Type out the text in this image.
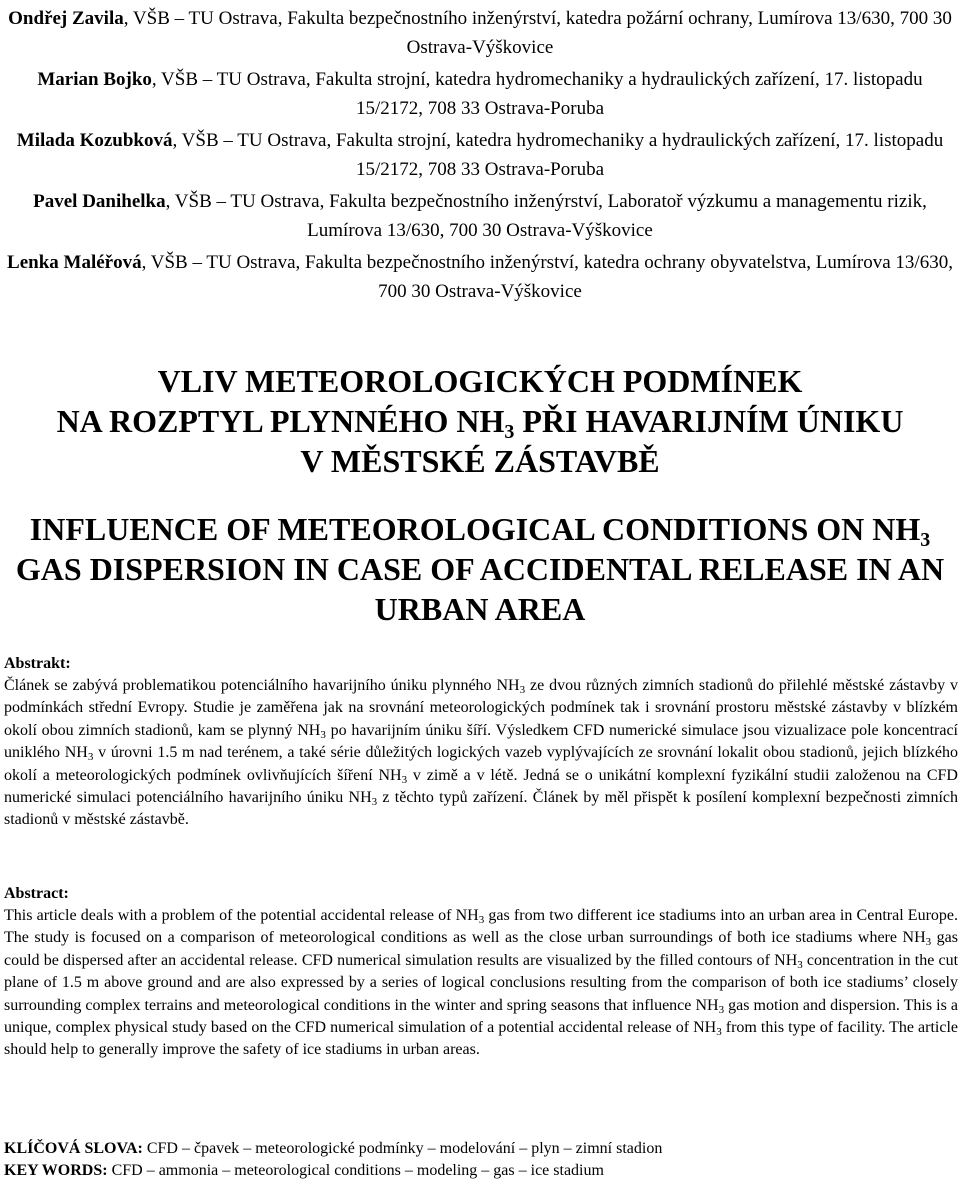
Ondřej Zavila, VŠB – TU Ostrava, Fakulta bezpečnostního inženýrství, katedra požární ochrany, Lumírova 13/630, 700 30 Ostrava-Výškovice

Marian Bojko, VŠB – TU Ostrava, Fakulta strojní, katedra hydromechaniky a hydraulických zařízení, 17. listopadu 15/2172, 708 33 Ostrava-Poruba

Milada Kozubková, VŠB – TU Ostrava, Fakulta strojní, katedra hydromechaniky a hydraulických zařízení, 17. listopadu 15/2172, 708 33 Ostrava-Poruba

Pavel Danihelka, VŠB – TU Ostrava, Fakulta bezpečnostního inženýrství, Laboratoř výzkumu a managementu rizik, Lumírova 13/630, 700 30 Ostrava-Výškovice

Lenka Maléřová, VŠB – TU Ostrava, Fakulta bezpečnostního inženýrství, katedra ochrany obyvatelstva, Lumírova 13/630, 700 30 Ostrava-Výškovice

VLIV METEOROLOGICKÝCH PODMÍNEK
NA ROZPTYL PLYNNÉHO $NH_3$ PŘI HAVARIJNÍM ÚNIKU
V MĚSTSKÉ ZÁSTAVBĚ
INFLUENCE OF METEOROLOGICAL CONDITIONS ON $NH_3$
GAS DISPERSION IN CASE OF ACCIDENTAL RELEASE IN AN
URBAN AREA

Abstrakt:

Článek se zabývá problematikou potenciálního havarijního úniku plynného NH3 ze dvou různých zimních stadionů do přilehlé městské zástavby v podmínkách střední Evropy. Studie je zaměřena jak na srovnání meteorologických podmínek tak i srovnání prostoru městské zástavby v blízkém okolí obou zimních stadionů, kam se plynný NH3 po havarijním úniku šíří. Výsledkem CFD numerické simulace jsou vizualizace pole koncentrací uniklého NH3 v úrovni 1.5 m nad terénem, a také série důležitých logických vazeb vyplývajících ze srovnání lokalit obou stadionů, jejich blízkého okolí a meteorologických podmínek ovlivňujících šíření NH3 v zimě a v létě. Jedná se o unikátní komplexní fyzikální studii založenou na CFD numerické simulaci potenciálního havarijního úniku NH3 z těchto typů zařízení. Článek by měl přispět k posílení komplexní bezpečnosti zimních stadionů v městské zástavbě.

Abstract:

This article deals with a problem of the potential accidental release of NH3 gas from two different ice stadiums into an urban area in Central Europe. The study is focused on a comparison of meteorological conditions as well as the close urban surroundings of both ice stadiums where NH3 gas could be dispersed after an accidental release. CFD numerical simulation results are visualized by the filled contours of NH3 concentration in the cut plane of 1.5 m above ground and are also expressed by a series of logical conclusions resulting from the comparison of both ice stadiums’ closely surrounding complex terrains and meteorological conditions in the winter and spring seasons that influence NH3 gas motion and dispersion. This is a unique, complex physical study based on the CFD numerical simulation of a potential accidental release of NH3 from this type of facility. The article should help to generally improve the safety of ice stadiums in urban areas.

KLÍČOVÁ SLOVA: CFD – čpavek – meteorologické podmínky – modelování – plyn – zimní stadion
KEY WORDS: CFD – ammonia – meteorological conditions – modeling – gas – ice stadium
